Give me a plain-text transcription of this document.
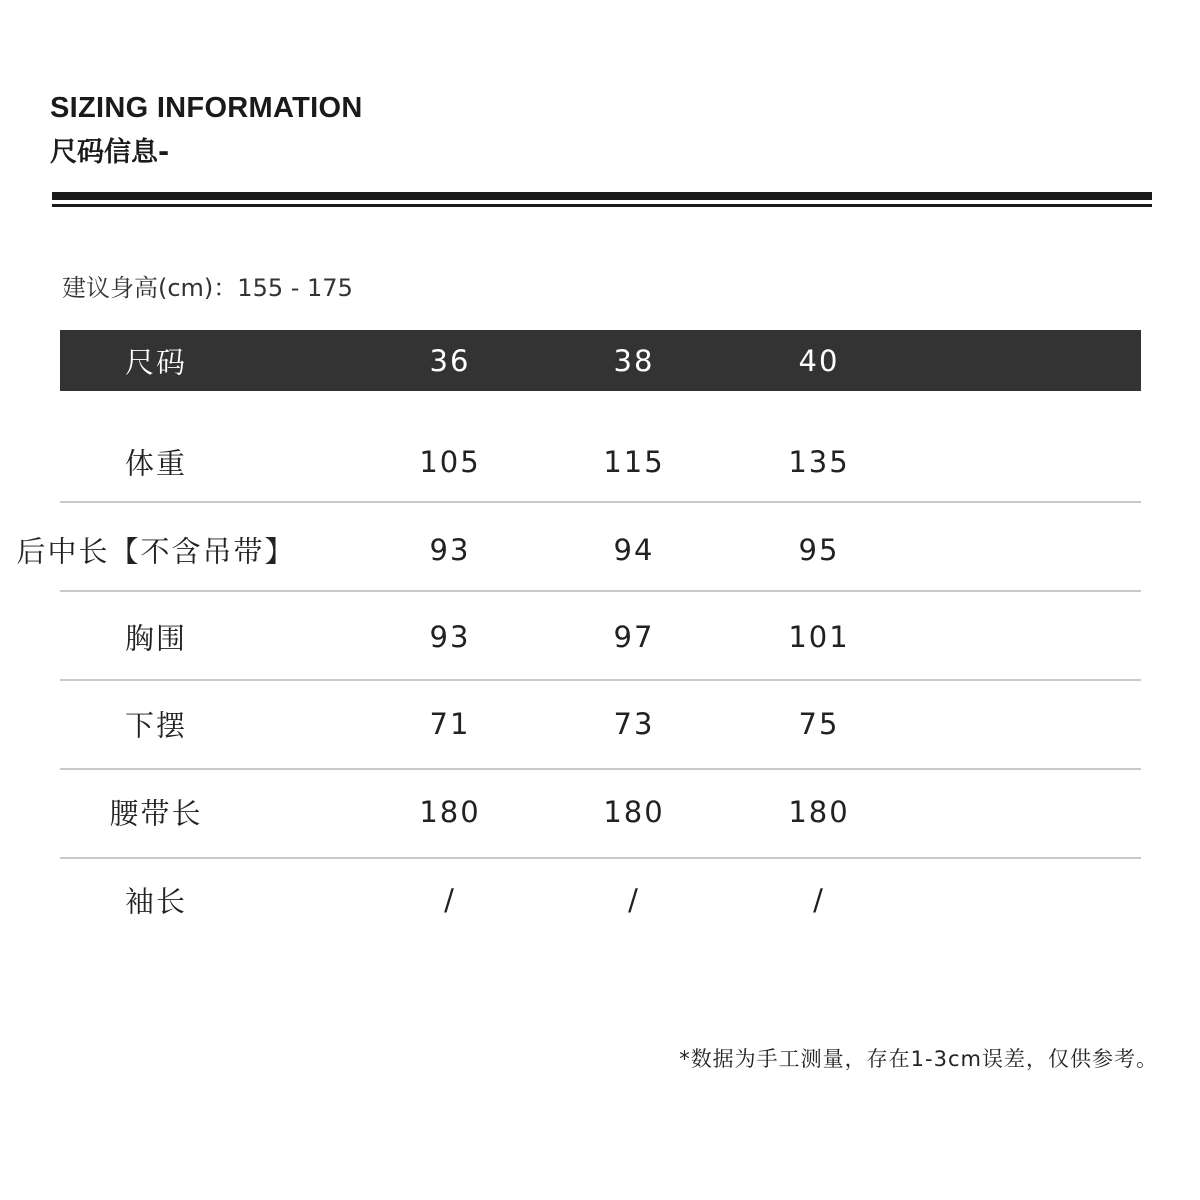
SIZING INFORMATION
尺码信息-
建议身高(cm)：155 - 175
尺码	36	38	40
体重	105	115	135
后中长【不含吊带】	93	94	95
胸围	93	97	101
下摆	71	73	75
腰带长	180	180	180
袖长	/	/	/
*数据为手工测量，存在1-3cm误差，仅供参考。
